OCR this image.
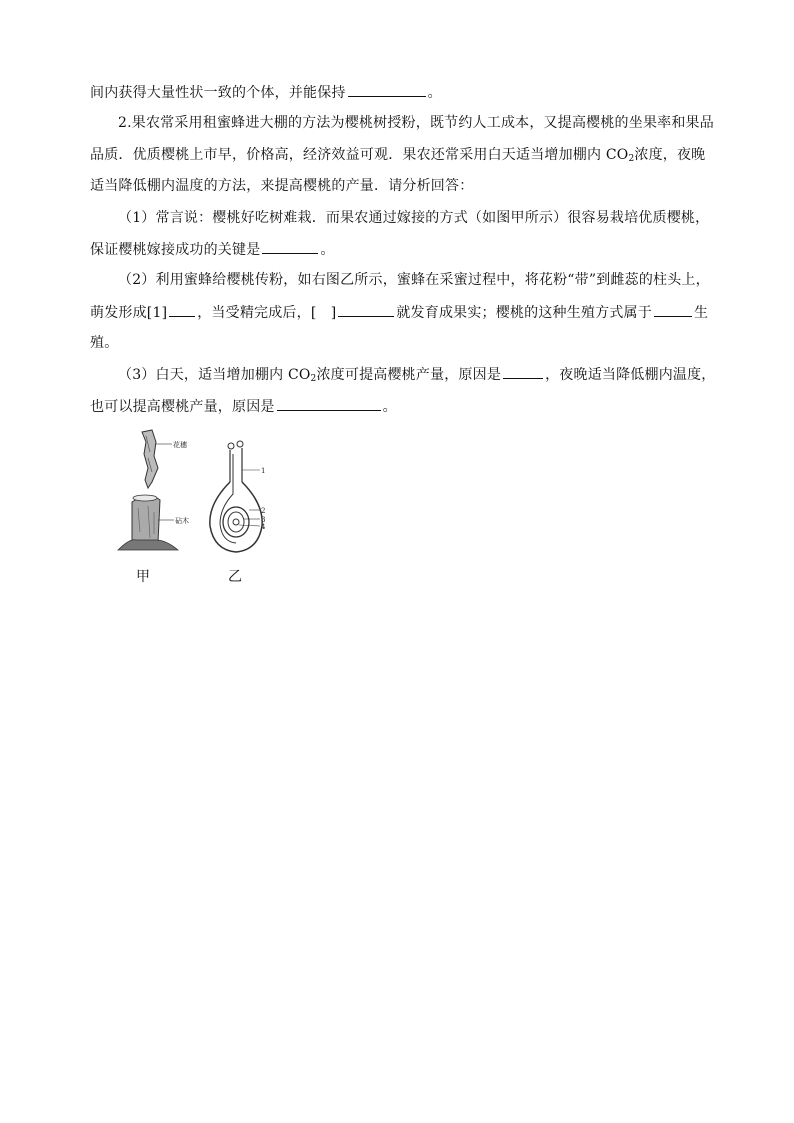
间内获得大量性状一致的个体，并能保持	。
2.果农常采用租蜜蜂进大棚的方法为樱桃树授粉，既节约人工成本，又提高樱桃的坐果率和果品
品质．优质樱桃上市早，价格高，经济效益可观．果农还常采用白天适当增加棚内 $CO_2$浓度，夜晚
适当降低棚内温度的方法，来提高樱桃的产量．请分析回答：
（1）常言说：樱桃好吃树难栽．而果农通过嫁接的方式（如图甲所示）很容易栽培优质樱桃，
保证樱桃嫁接成功的关键是	。
（2）利用蜜蜂给樱桃传粉，如右图乙所示，蜜蜂在采蜜过程中，将花粉“带”到雌蕊的柱头上，
萌发形成[1] ，当受精完成后，[　]	就发育成果实；樱桃的这种生殖方式属于	生
殖。
（3）白天，适当增加棚内 $CO_2$浓度可提高樱桃产量，原因是	，夜晚适当降低棚内温度，
也可以提高樱桃产量，原因是	。
花穗
砧木
1
2
3
4
甲	乙
